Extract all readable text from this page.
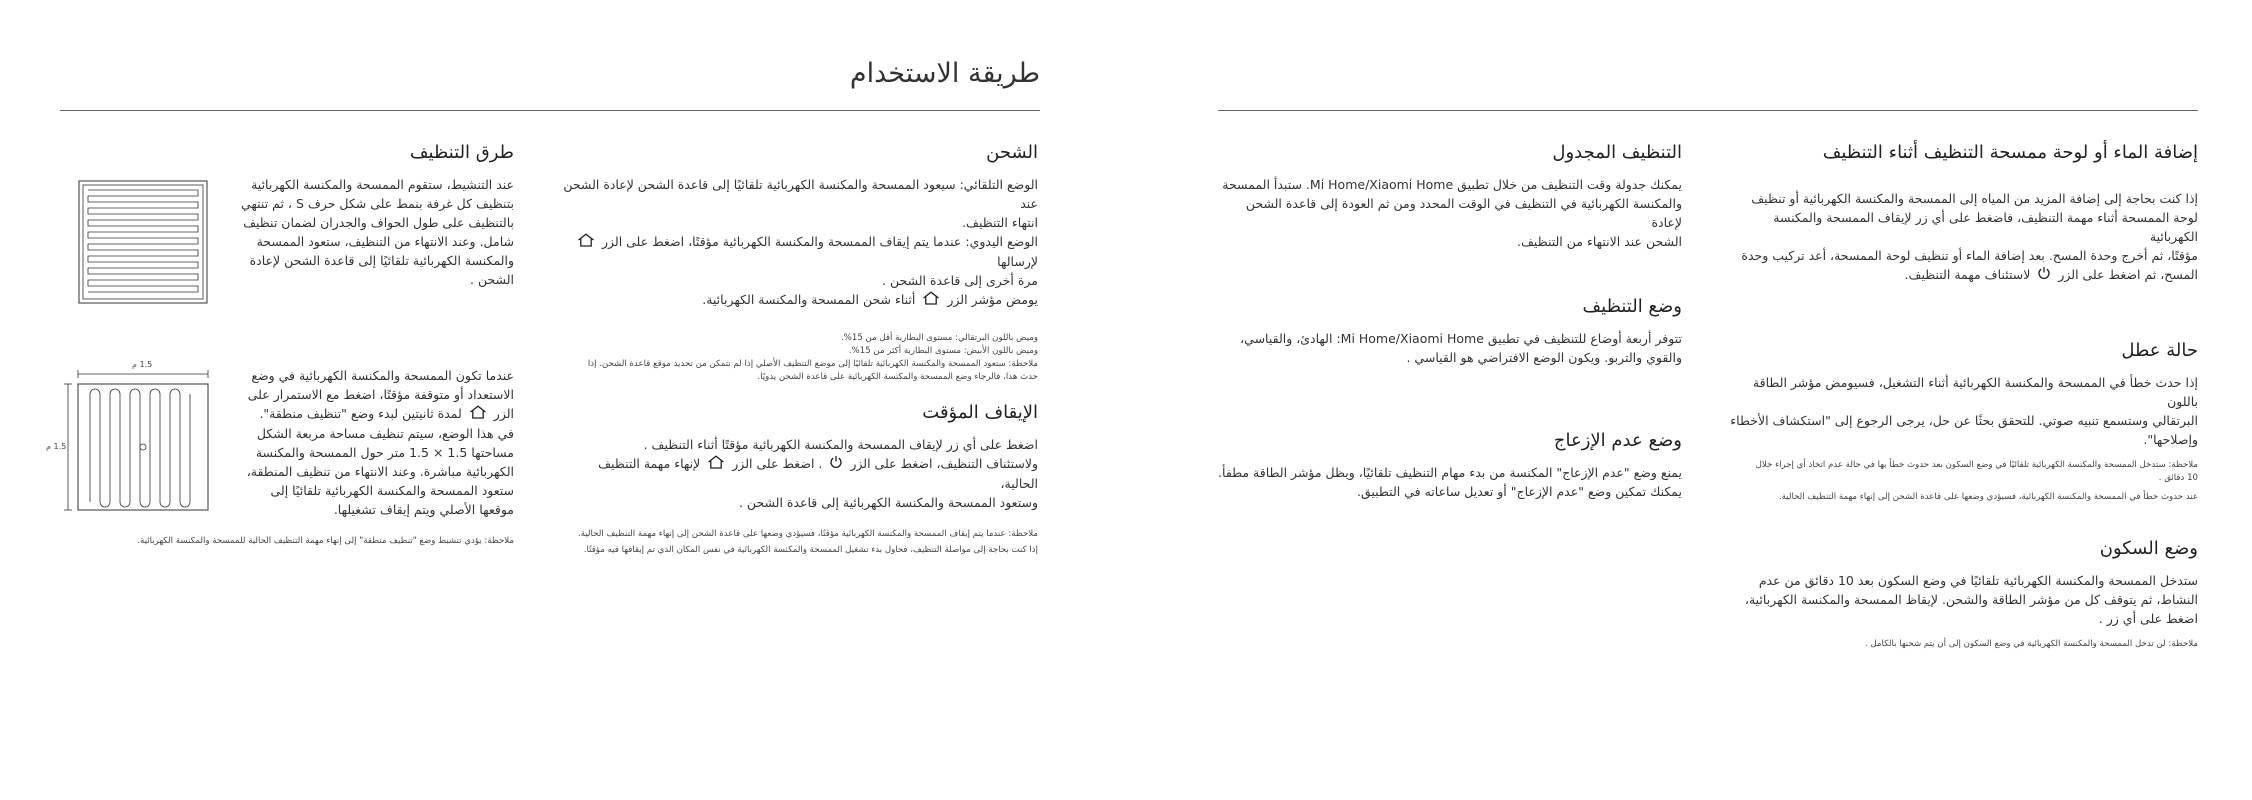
طريقة الاستخدام
إضافة الماء أو لوحة ممسحة التنظيف أثناء التنظيف

إذا كنت بحاجة إلى إضافة المزيد من المياه إلى الممسحة والمكنسة الكهربائية أو تنظيف
لوحة الممسحة أثناء مهمة التنظيف، فاضغط على أي زر لإيقاف الممسحة والمكنسة الكهربائية
مؤقتًا، ثم أخرج وحدة المسح. بعد إضافة الماء أو تنظيف لوحة الممسحة، أعد تركيب وحدة
المسح، ثم اضغط على الزر  لاستئناف مهمة التنظيف.

حالة عطل

إذا حدث خطأ في الممسحة والمكنسة الكهربائية أثناء التشغيل، فسيومض مؤشر الطاقة باللون
البرتقالي وستسمع تنبيه صوتي. للتحقق بحثًا عن حل، يرجى الرجوع إلى "استكشاف الأخطاء
وإصلاحها".

ملاحظة: ستدخل الممسحة والمكنسة الكهربائية تلقائيًا في وضع السكون بعد حدوث خطأ بها في حالة عدم اتخاذ أي إجراء خلال
10 دقائق .
عند حدوث خطأ في الممسحة والمكنسة الكهربائية، فسيؤدي وضعها على قاعدة الشحن إلى إنهاء مهمة التنظيف الحالية.
وضع السكون

ستدخل الممسحة والمكنسة الكهربائية تلقائيًا في وضع السكون بعد 10 دقائق من عدم
النشاط، ثم يتوقف كل من مؤشر الطاقة والشحن. لإيقاظ الممسحة والمكنسة الكهربائية،
اضغط على أي زر .

ملاحظة: لن تدخل الممسحة والمكنسة الكهربائية في وضع السكون إلى أن يتم شحنها بالكامل .
التنظيف المجدول

يمكنك جدولة وقت التنظيف من خلال تطبيق Mi Home/Xiaomi Home. ستبدأ الممسحة
والمكنسة الكهربائية في التنظيف في الوقت المحدد ومن ثم العودة إلى قاعدة الشحن لإعادة
الشحن عند الانتهاء من التنظيف.

وضع التنظيف

تتوفر أربعة أوضاع للتنظيف في تطبيق Mi Home/Xiaomi Home: الهادئ، والقياسي،
والقوي والتربو. ويكون الوضع الافتراضي هو القياسي .

وضع عدم الإزعاج

يمنع وضع "عدم الإزعاج" المكنسة من بدء مهام التنظيف تلقائيًا، ويظل مؤشر الطاقة مطفأ.
يمكنك تمكين وضع "عدم الإزعاج" أو تعديل ساعاته في التطبيق.

الشحن

الوضع التلقائي: سيعود الممسحة والمكنسة الكهربائية تلقائيًا إلى قاعدة الشحن لإعادة الشحن عند
انتهاء التنظيف.
الوضع اليدوي: عندما يتم إيقاف الممسحة والمكنسة الكهربائية مؤقتًا، اضغط على الزر  لإرسالها
مرة أخرى إلى قاعدة الشحن .
يومض مؤشر الزر  أثناء شحن الممسحة والمكنسة الكهربائية.

وميض باللون البرتقالي: مستوى البطارية أقل من 15%.
وميض باللون الأبيض: مستوى البطارية أكثر من 15%.
ملاحظة: ستعود الممسحة والمكنسة الكهربائية تلقائيًا إلى موضع التنظيف الأصلي إذا لم تتمكن من تحديد موقع قاعدة الشحن. إذا
حدث هذا، فالرجاء وضع الممسحة والمكنسة الكهربائية على قاعدة الشحن يدويًا.
الإيقاف المؤقت

اضغط على أي زر لإيقاف الممسحة والمكنسة الكهربائية مؤقتًا أثناء التنظيف .
ولاستئناف التنظيف، اضغط على الزر  . اضغط على الزر  لإنهاء مهمة التنظيف الحالية،
وستعود الممسحة والمكنسة الكهربائية إلى قاعدة الشحن .

ملاحظة: عندما يتم إيقاف الممسحة والمكنسة الكهربائية مؤقتًا، فسيؤدي وضعها على قاعدة الشحن إلى إنهاء مهمة التنظيف الحالية.
إذا كنت بحاجة إلى مواصلة التنظيف، فحاول بدء تشغيل الممسحة والمكنسة الكهربائية في نفس المكان الذي تم إيقافها فيه مؤقتًا.
طرق التنظيف

عند التنشيط، ستقوم الممسحة والمكنسة الكهربائية
بتنظيف كل غرفة بنمط على شكل حرف S ، ثم تنتهي
بالتنظيف على طول الحواف والجدران لضمان تنظيف
شامل. وعند الانتهاء من التنظيف، ستعود الممسحة
والمكنسة الكهربائية تلقائيًا إلى قاعدة الشحن لإعادة
الشحن .

عندما تكون الممسحة والمكنسة الكهربائية في وضع
الاستعداد أو متوقفة مؤقتًا، اضغط مع الاستمرار على
الزر  لمدة ثانيتين لبدء وضع "تنظيف منطقة".
في هذا الوضع، سيتم تنظيف مساحة مربعة الشكل
مساحتها 1.5 × 1.5 متر حول الممسحة والمكنسة
الكهربائية مباشرة. وعند الانتهاء من تنظيف المنطقة،
ستعود الممسحة والمكنسة الكهربائية تلقائيًا إلى
موقعها الأصلي ويتم إيقاف تشغيلها.

ملاحظة: يؤدي تنشيط وضع "تنظيف منطقة" إلى إنهاء مهمة التنظيف الحالية للممسحة والمكنسة الكهربائية.
1.5 م
1.5 م
